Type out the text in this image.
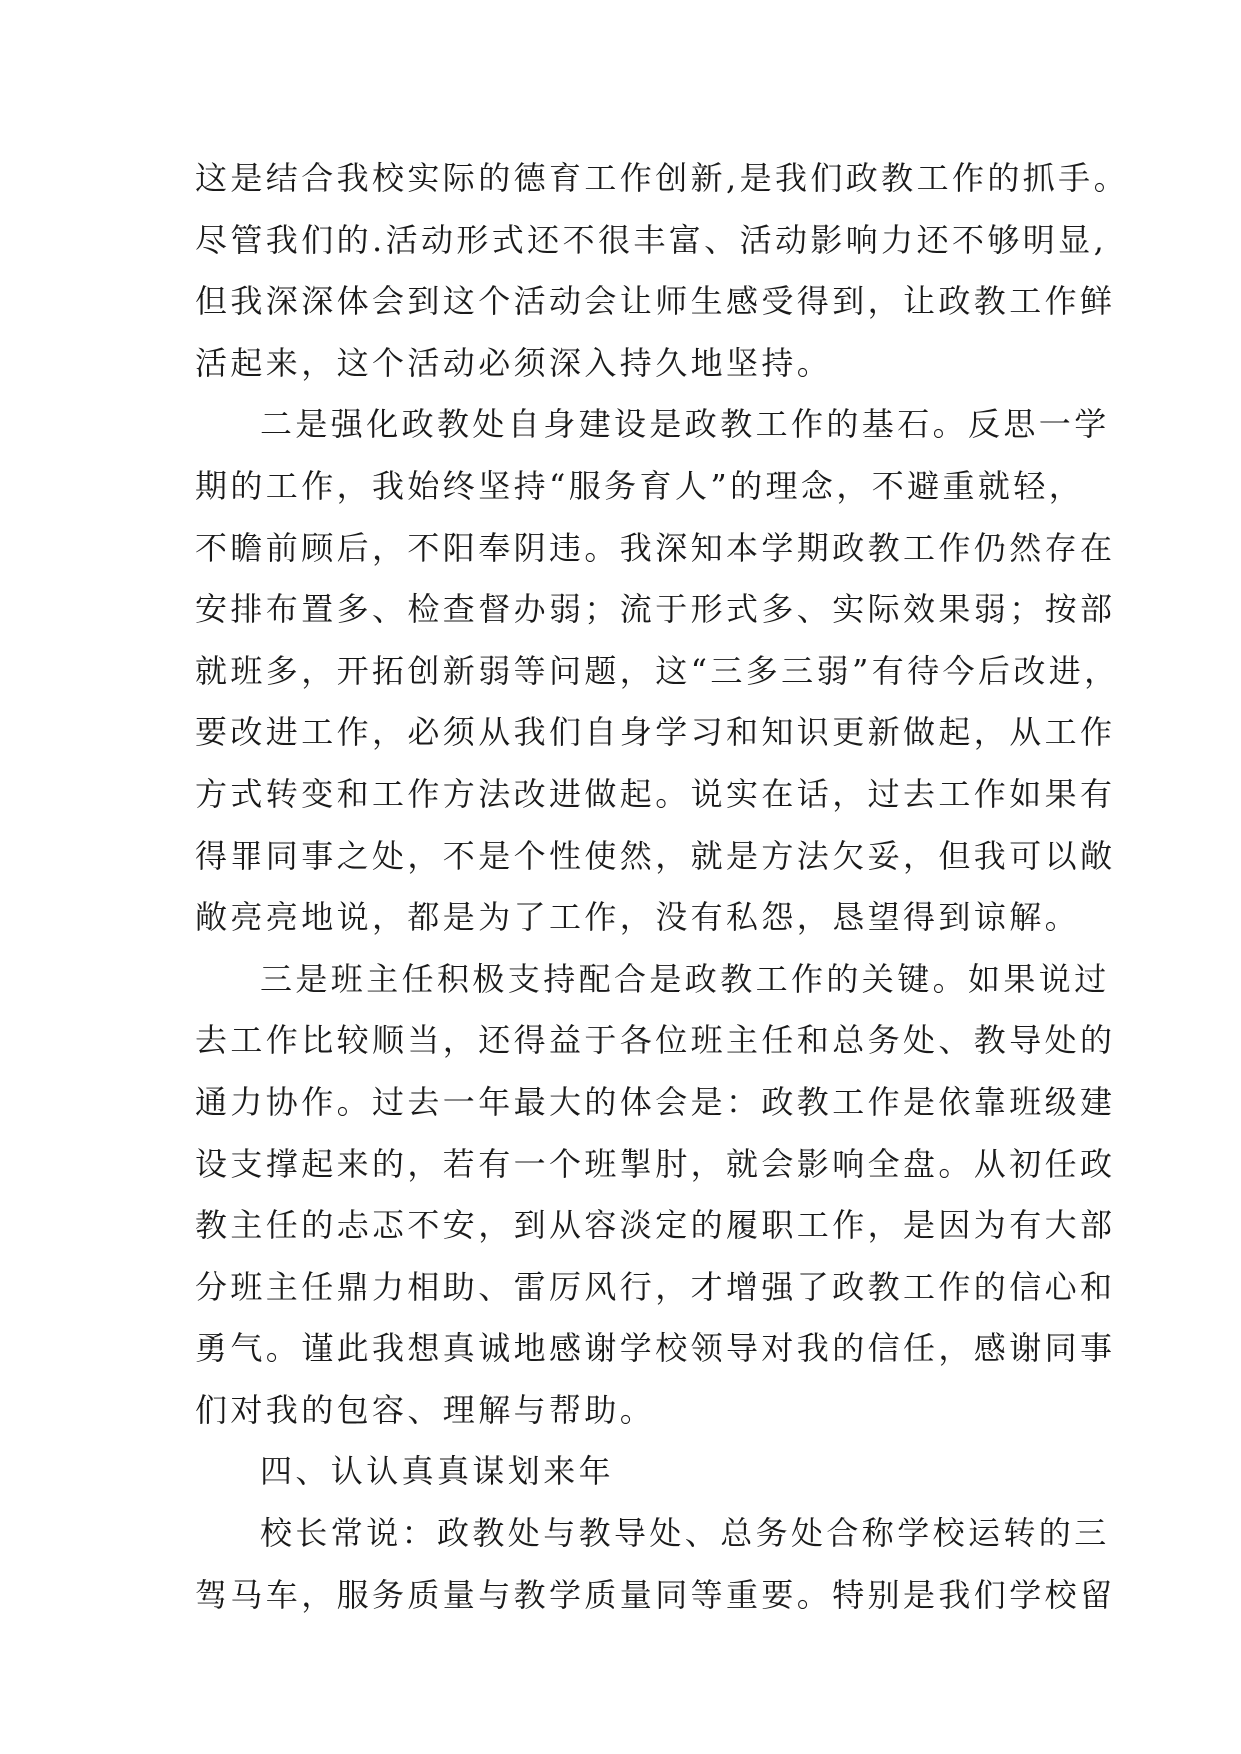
这是结合我校实际的德育工作创新,是我们政教工作的抓手。
尽管我们的.活动形式还不很丰富、活动影响力还不够明显,
但我深深体会到这个活动会让师生感受得到，让政教工作鲜
活起来，这个活动必须深入持久地坚持。
二是强化政教处自身建设是政教工作的基石。反思一学
期的工作，我始终坚持“服务育人”的理念，不避重就轻，
不瞻前顾后，不阳奉阴违。我深知本学期政教工作仍然存在
安排布置多、检查督办弱；流于形式多、实际效果弱；按部
就班多，开拓创新弱等问题，这“三多三弱”有待今后改进，
要改进工作，必须从我们自身学习和知识更新做起，从工作
方式转变和工作方法改进做起。说实在话，过去工作如果有
得罪同事之处，不是个性使然，就是方法欠妥，但我可以敞
敞亮亮地说，都是为了工作，没有私怨，恳望得到谅解。
三是班主任积极支持配合是政教工作的关键。如果说过
去工作比较顺当，还得益于各位班主任和总务处、教导处的
通力协作。过去一年最大的体会是：政教工作是依靠班级建
设支撑起来的，若有一个班掣肘，就会影响全盘。从初任政
教主任的忐忑不安，到从容淡定的履职工作，是因为有大部
分班主任鼎力相助、雷厉风行，才增强了政教工作的信心和
勇气。谨此我想真诚地感谢学校领导对我的信任，感谢同事
们对我的包容、理解与帮助。
四、认认真真谋划来年
校长常说：政教处与教导处、总务处合称学校运转的三
驾马车，服务质量与教学质量同等重要。特别是我们学校留
